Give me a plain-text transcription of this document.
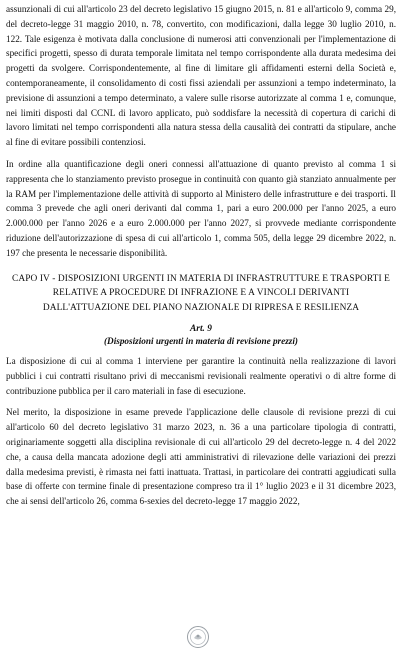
assunzionali di cui all'articolo 23 del decreto legislativo 15 giugno 2015, n. 81 e all'articolo 9, comma 29, del decreto-legge 31 maggio 2010, n. 78, convertito, con modificazioni, dalla legge 30 luglio 2010, n. 122. Tale esigenza è motivata dalla conclusione di numerosi atti convenzionali per l'implementazione di specifici progetti, spesso di durata temporale limitata nel tempo corrispondente alla durata medesima dei progetti da svolgere. Corrispondentemente, al fine di limitare gli affidamenti esterni della Società e, contemporaneamente, il consolidamento di costi fissi aziendali per assunzioni a tempo indeterminato, la previsione di assunzioni a tempo determinato, a valere sulle risorse autorizzate al comma 1 e, comunque, nei limiti disposti dal CCNL di lavoro applicato, può soddisfare la necessità di copertura di carichi di lavoro limitati nel tempo corrispondenti alla natura stessa della causalità dei contratti da stipulare, anche al fine di evitare possibili contenziosi.

In ordine alla quantificazione degli oneri connessi all'attuazione di quanto previsto al comma 1 si rappresenta che lo stanziamento previsto prosegue in continuità con quanto già stanziato annualmente per la RAM per l'implementazione delle attività di supporto al Ministero delle infrastrutture e dei trasporti. Il comma 3 prevede che agli oneri derivanti dal comma 1, pari a euro 200.000 per l'anno 2025, a euro 2.000.000 per l'anno 2026 e a euro 2.000.000 per l'anno 2027, si provvede mediante corrispondente riduzione dell'autorizzazione di spesa di cui all'articolo 1, comma 505, della legge 29 dicembre 2022, n. 197 che presenta le necessarie disponibilità.

CAPO IV - DISPOSIZIONI URGENTI IN MATERIA DI INFRASTRUTTURE E TRASPORTI E

RELATIVE A PROCEDURE DI INFRAZIONE E A VINCOLI DERIVANTI

DALL'ATTUAZIONE DEL PIANO NAZIONALE DI RIPRESA E RESILIENZA

Art. 9

(Disposizioni urgenti in materia di revisione prezzi)

La disposizione di cui al comma 1 interviene per garantire la continuità nella realizzazione di lavori pubblici i cui contratti risultano privi di meccanismi revisionali realmente operativi o di altre forme di contribuzione pubblica per il caro materiali in fase di esecuzione.

Nel merito, la disposizione in esame prevede l'applicazione delle clausole di revisione prezzi di cui all'articolo 60 del decreto legislativo 31 marzo 2023, n. 36 a una particolare tipologia di contratti, originariamente soggetti alla disciplina revisionale di cui all'articolo 29 del decreto-legge n. 4 del 2022 che, a causa della mancata adozione degli atti amministrativi di rilevazione delle variazioni dei prezzi dalla medesima previsti, è rimasta nei fatti inattuata. Trattasi, in particolare dei contratti aggiudicati sulla base di offerte con termine finale di presentazione compreso tra il 1° luglio 2023 e il 31 dicembre 2023, che ai sensi dell'articolo 26, comma 6-sexies del decreto-legge 17 maggio 2022,
